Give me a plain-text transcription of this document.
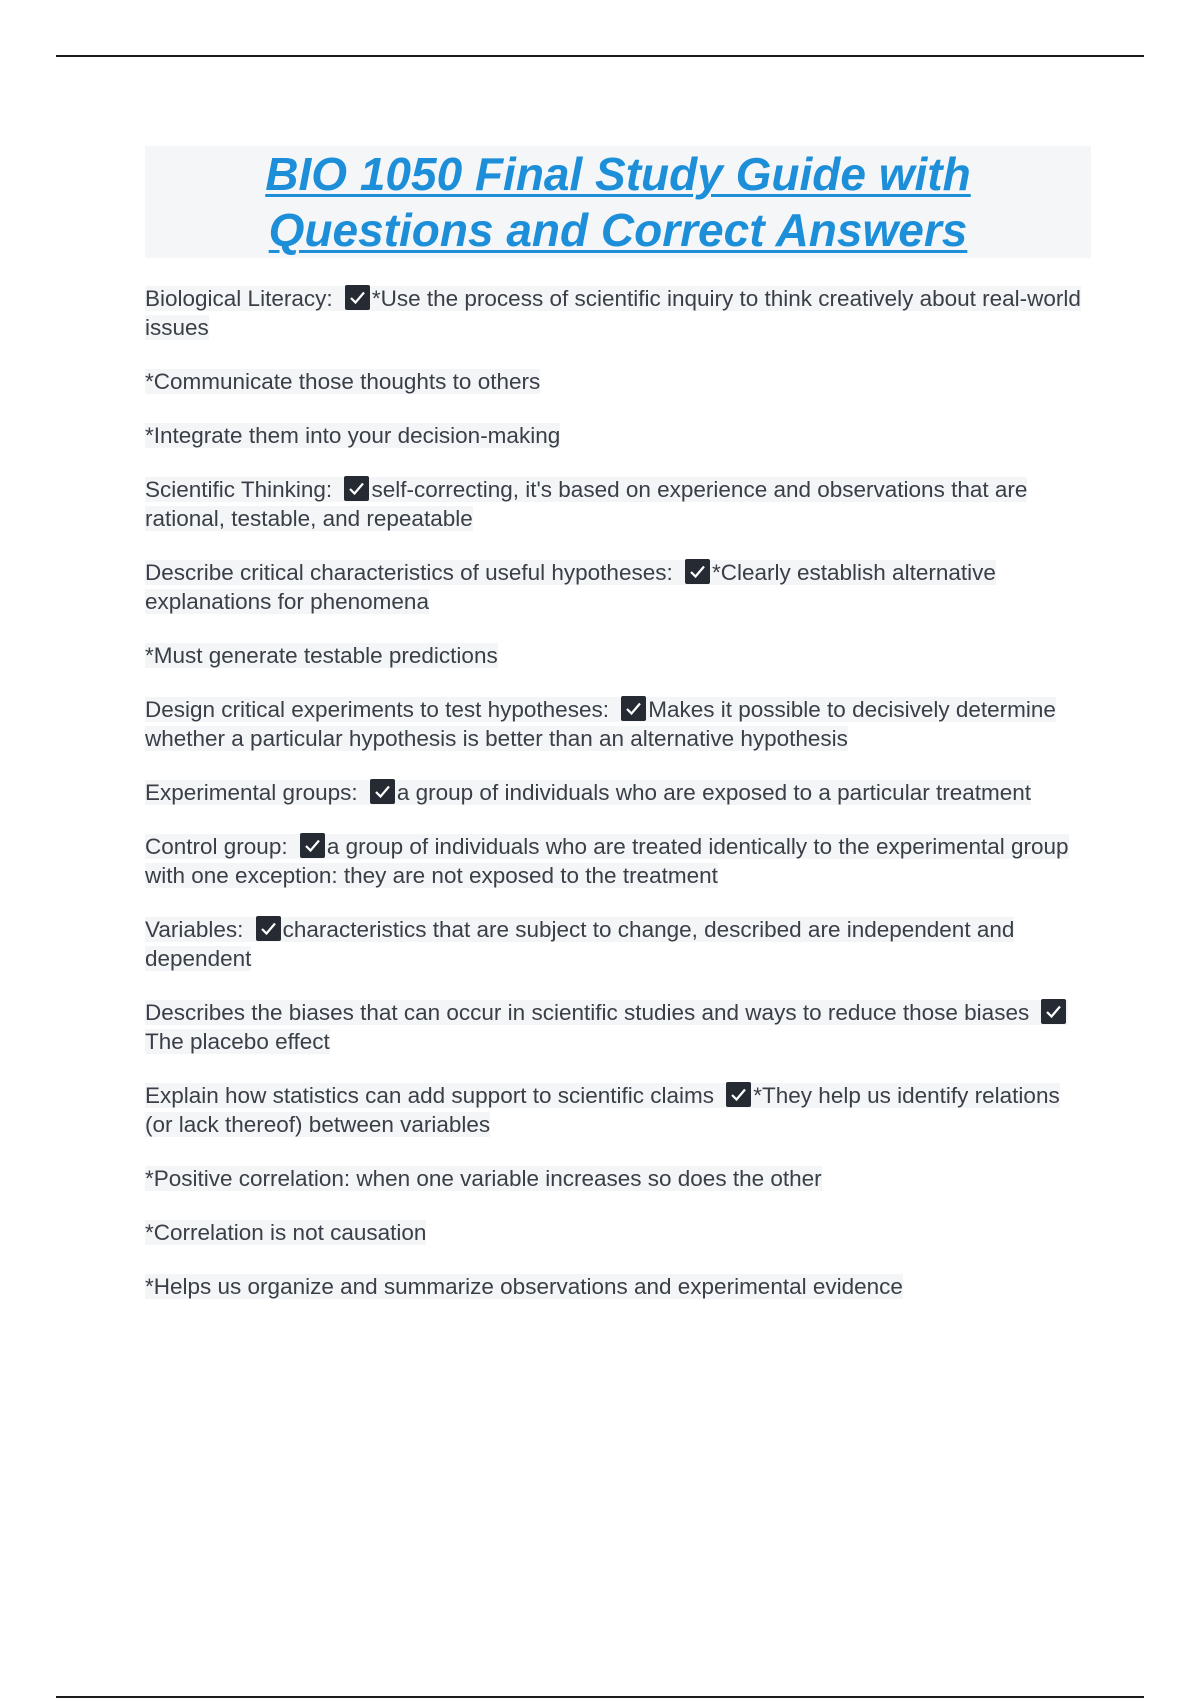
BIO 1050 Final Study Guide with
Questions and Correct Answers

Biological Literacy: *Use the process of scientific inquiry to think creatively about real-world issues

*Communicate those thoughts to others

*Integrate them into your decision-making

Scientific Thinking: self-correcting, it's based on experience and observations that are rational, testable, and repeatable

Describe critical characteristics of useful hypotheses: *Clearly establish alternative explanations for phenomena

*Must generate testable predictions

Design critical experiments to test hypotheses: Makes it possible to decisively determine whether a particular hypothesis is better than an alternative hypothesis

Experimental groups: a group of individuals who are exposed to a particular treatment

Control group: a group of individuals who are treated identically to the experimental group with one exception: they are not exposed to the treatment

Variables: characteristics that are subject to change, described are independent and dependent

Describes the biases that can occur in scientific studies and ways to reduce those biases
The placebo effect

Explain how statistics can add support to scientific claims *They help us identify relations (or lack thereof) between variables

*Positive correlation: when one variable increases so does the other

*Correlation is not causation

*Helps us organize and summarize observations and experimental evidence
